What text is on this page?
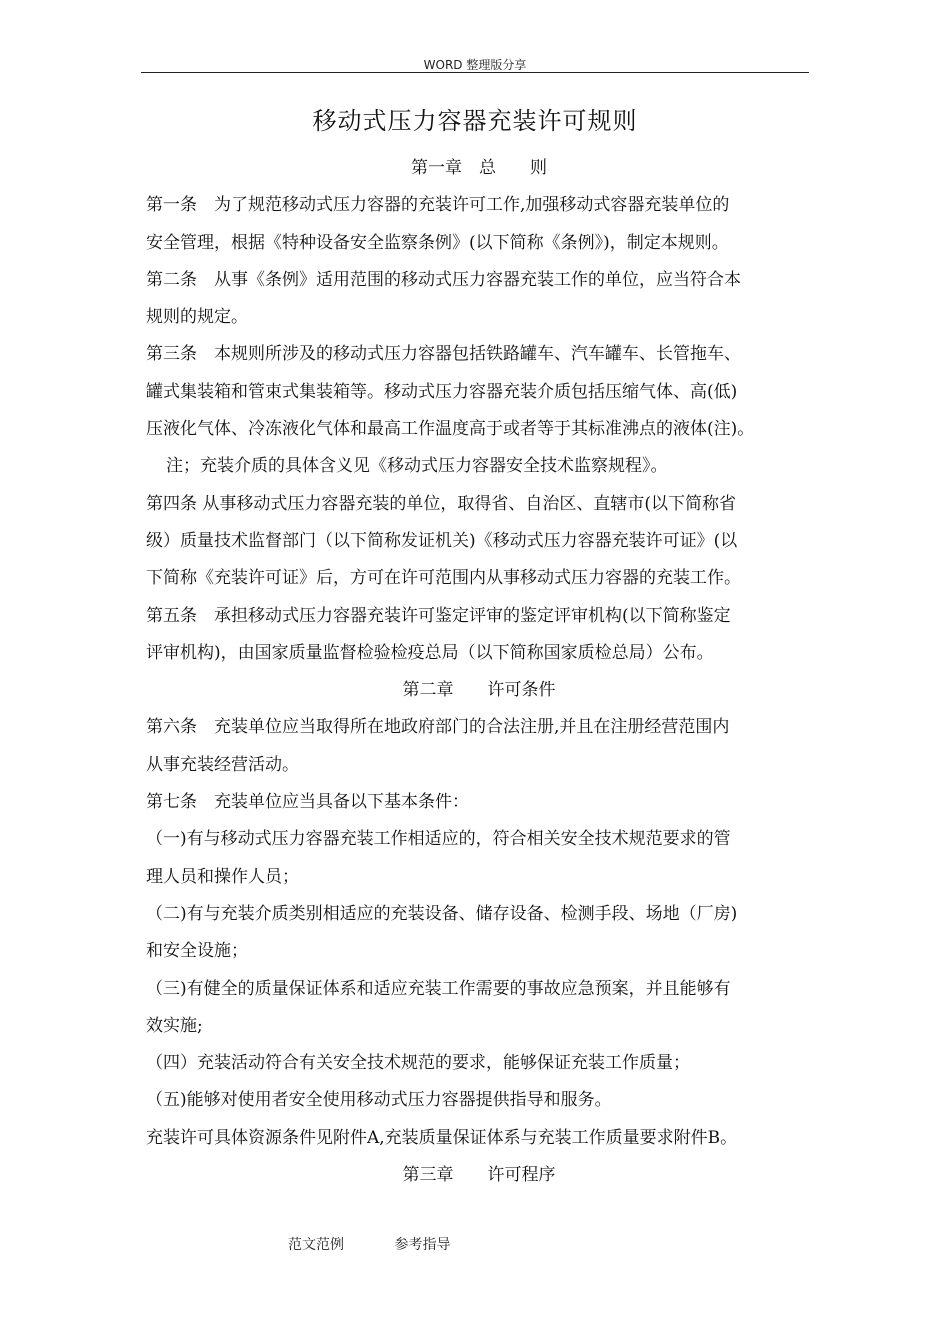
WORD 整理版分享
移动式压力容器充装许可规则
第一章　总　　则
第一条　为了规范移动式压力容器的充装许可工作,加强移动式容器充装单位的
安全管理，根据《特种设备安全监察条例》(以下简称《条例》)，制定本规则。
第二条　从事《条例》适用范围的移动式压力容器充装工作的单位，应当符合本
规则的规定。
第三条　本规则所涉及的移动式压力容器包括铁路罐车、汽车罐车、长管拖车、
罐式集装箱和管束式集装箱等。移动式压力容器充装介质包括压缩气体、高(低)
压液化气体、冷冻液化气体和最高工作温度高于或者等于其标准沸点的液体(注)。
注；充装介质的具体含义见《移动式压力容器安全技术监察规程》。
第四条 从事移动式压力容器充装的单位，取得省、自治区、直辖市(以下简称省
级）质量技术监督部门（以下简称发证机关)《移动式压力容器充装许可证》(以
下简称《充装许可证》后，方可在许可范围内从事移动式压力容器的充装工作。
第五条　承担移动式压力容器充装许可鉴定评审的鉴定评审机构(以下简称鉴定
评审机构)，由国家质量监督检验检疫总局（以下简称国家质检总局）公布。
第二章　　许可条件
第六条　充装单位应当取得所在地政府部门的合法注册,并且在注册经营范围内
从事充装经营活动。
第七条　充装单位应当具备以下基本条件：
（一)有与移动式压力容器充装工作相适应的，符合相关安全技术规范要求的管
理人员和操作人员；
（二)有与充装介质类别相适应的充装设备、储存设备、检测手段、场地（厂房)
和安全设施；
（三)有健全的质量保证体系和适应充装工作需要的事故应急预案，并且能够有
效实施;
（四）充装活动符合有关安全技术规范的要求，能够保证充装工作质量；
（五)能够对使用者安全使用移动式压力容器提供指导和服务。
充装许可具体资源条件见附件A,充装质量保证体系与充装工作质量要求附件B。
第三章　　许可程序
范文范例	参考指导
